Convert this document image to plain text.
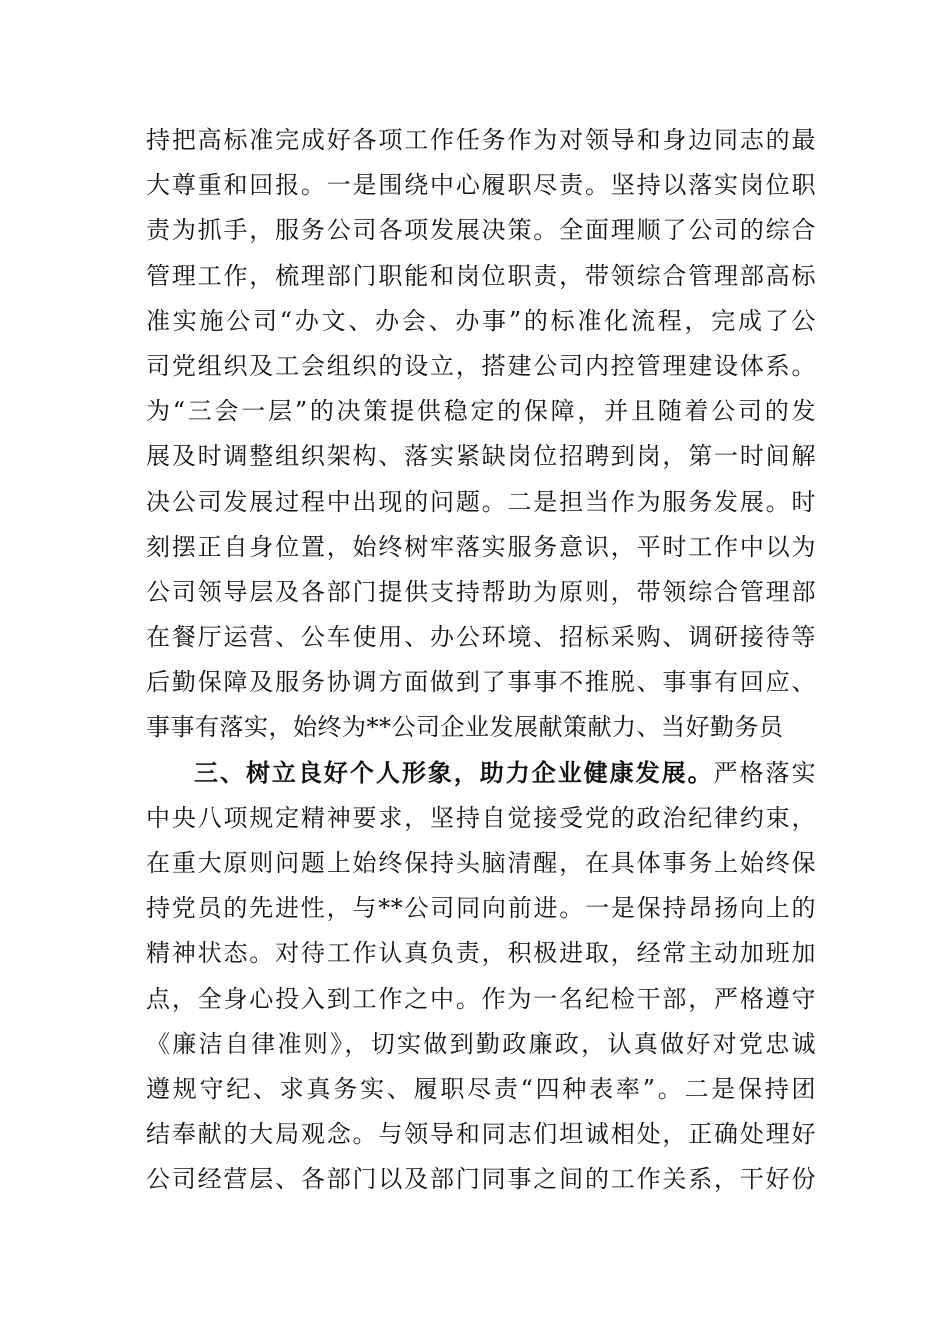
持把高标准完成好各项工作任务作为对领导和身边同志的最
大尊重和回报。一是围绕中心履职尽责。坚持以落实岗位职
责为抓手，服务公司各项发展决策。全面理顺了公司的综合
管理工作，梳理部门职能和岗位职责，带领综合管理部高标
准实施公司“办文、办会、办事”的标准化流程，完成了公
司党组织及工会组织的设立，搭建公司内控管理建设体系。
为“三会一层”的决策提供稳定的保障，并且随着公司的发
展及时调整组织架构、落实紧缺岗位招聘到岗，第一时间解
决公司发展过程中出现的问题。二是担当作为服务发展。时
刻摆正自身位置，始终树牢落实服务意识，平时工作中以为
公司领导层及各部门提供支持帮助为原则，带领综合管理部
在餐厅运营、公车使用、办公环境、招标采购、调研接待等
后勤保障及服务协调方面做到了事事不推脱、事事有回应、
事事有落实，始终为**公司企业发展献策献力、当好勤务员
三、树立良好个人形象，助力企业健康发展。严格落实
中央八项规定精神要求，坚持自觉接受党的政治纪律约束，
在重大原则问题上始终保持头脑清醒，在具体事务上始终保
持党员的先进性，与**公司同向前进。一是保持昂扬向上的
精神状态。对待工作认真负责，积极进取，经常主动加班加
点，全身心投入到工作之中。作为一名纪检干部，严格遵守
《廉洁自律准则》，切实做到勤政廉政，认真做好对党忠诚
遵规守纪、求真务实、履职尽责“四种表率”。二是保持团
结奉献的大局观念。与领导和同志们坦诚相处，正确处理好
公司经营层、各部门以及部门同事之间的工作关系，干好份
